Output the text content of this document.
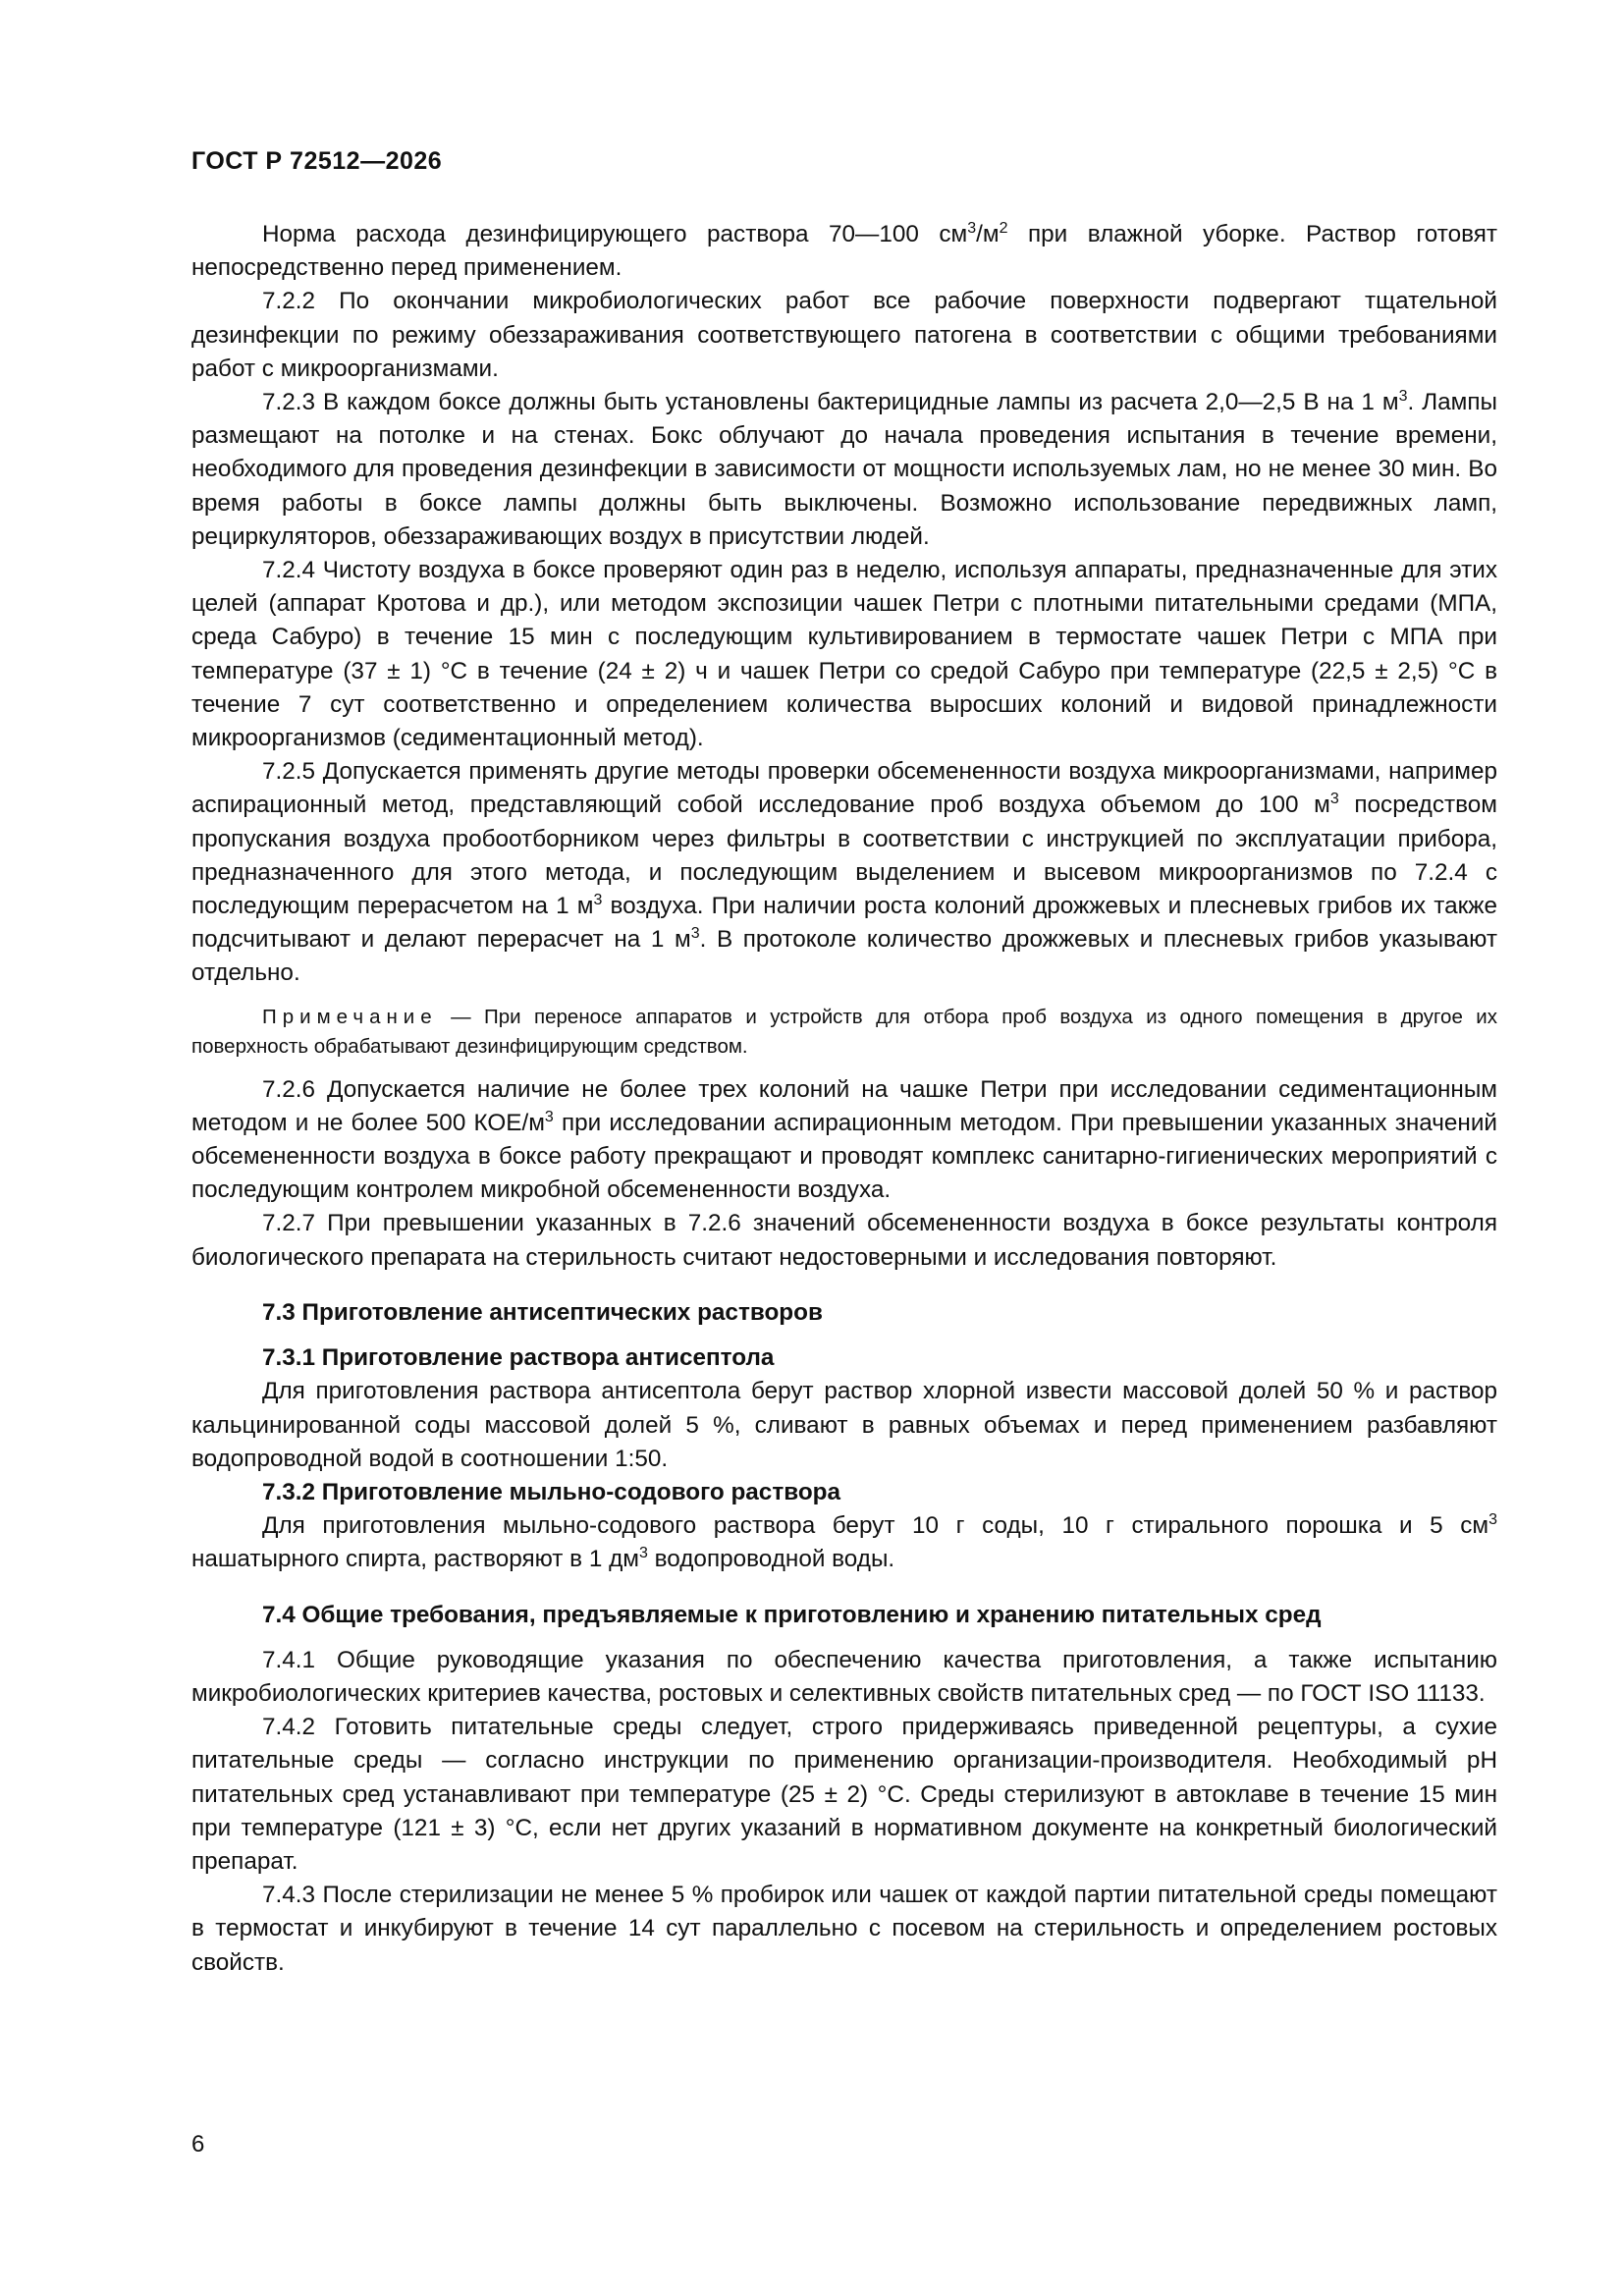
ГОСТ Р 72512—2026

Норма расхода дезинфицирующего раствора 70—100 $см^3/м^2$ при влажной уборке. Раствор готовят непосредственно перед применением.

7.2.2 По окончании микробиологических работ все рабочие поверхности подвергают тщательной дезинфекции по режиму обеззараживания соответствующего патогена в соответствии с общими требованиями работ с микроорганизмами.

7.2.3 В каждом боксе должны быть установлены бактерицидные лампы из расчета 2,0—2,5 В на 1 $м^3$. Лампы размещают на потолке и на стенах. Бокс облучают до начала проведения испытания в течение времени, необходимого для проведения дезинфекции в зависимости от мощности используемых лам, но не менее 30 мин. Во время работы в боксе лампы должны быть выключены. Возможно использование передвижных ламп, рециркуляторов, обеззараживающих воздух в присутствии людей.

7.2.4 Чистоту воздуха в боксе проверяют один раз в неделю, используя аппараты, предназначенные для этих целей (аппарат Кротова и др.), или методом экспозиции чашек Петри с плотными питательными средами (МПА, среда Сабуро) в течение 15 мин с последующим культивированием в термостате чашек Петри с МПА при температуре (37 ± 1) °С в течение (24 ± 2) ч и чашек Петри со средой Сабуро при температуре (22,5 ± 2,5) °С в течение 7 сут соответственно и определением количества выросших колоний и видовой принадлежности микроорганизмов (седиментационный метод).

7.2.5 Допускается применять другие методы проверки обсемененности воздуха микроорганизмами, например аспирационный метод, представляющий собой исследование проб воздуха объемом до 100 $м^3$ посредством пропускания воздуха пробоотборником через фильтры в соответствии с инструкцией по эксплуатации прибора, предназначенного для этого метода, и последующим выделением и высевом микроорганизмов по 7.2.4 с последующим перерасчетом на 1 $м^3$ воздуха. При наличии роста колоний дрожжевых и плесневых грибов их также подсчитывают и делают перерасчет на 1 $м^3$. В протоколе количество дрожжевых и плесневых грибов указывают отдельно.

Примечание — При переносе аппаратов и устройств для отбора проб воздуха из одного помещения в другое их поверхность обрабатывают дезинфицирующим средством.

7.2.6 Допускается наличие не более трех колоний на чашке Петри при исследовании седиментационным методом и не более 500 КОЕ/$м^3$ при исследовании аспирационным методом. При превышении указанных значений обсемененности воздуха в боксе работу прекращают и проводят комплекс санитарно-гигиенических мероприятий с последующим контролем микробной обсемененности воздуха.

7.2.7 При превышении указанных в 7.2.6 значений обсемененности воздуха в боксе результаты контроля биологического препарата на стерильность считают недостоверными и исследования повторяют.

7.3 Приготовление антисептических растворов
7.3.1 Приготовление раствора антисептола

Для приготовления раствора антисептола берут раствор хлорной извести массовой долей 50 % и раствор кальцинированной соды массовой долей 5 %, сливают в равных объемах и перед применением разбавляют водопроводной водой в соотношении 1:50.

7.3.2 Приготовление мыльно-содового раствора

Для приготовления мыльно-содового раствора берут 10 г соды, 10 г стирального порошка и 5 $см^3$ нашатырного спирта, растворяют в 1 $дм^3$ водопроводной воды.

7.4 Общие требования, предъявляемые к приготовлению и хранению питательных сред

7.4.1 Общие руководящие указания по обеспечению качества приготовления, а также испытанию микробиологических критериев качества, ростовых и селективных свойств питательных сред — по ГОСТ ISO 11133.

7.4.2 Готовить питательные среды следует, строго придерживаясь приведенной рецептуры, а сухие питательные среды — согласно инструкции по применению организации-производителя. Необходимый рН питательных сред устанавливают при температуре (25 ± 2) °С. Среды стерилизуют в автоклаве в течение 15 мин при температуре (121 ± 3) °С, если нет других указаний в нормативном документе на конкретный биологический препарат.

7.4.3 После стерилизации не менее 5 % пробирок или чашек от каждой партии питательной среды помещают в термостат и инкубируют в течение 14 сут параллельно с посевом на стерильность и определением ростовых свойств.

6
